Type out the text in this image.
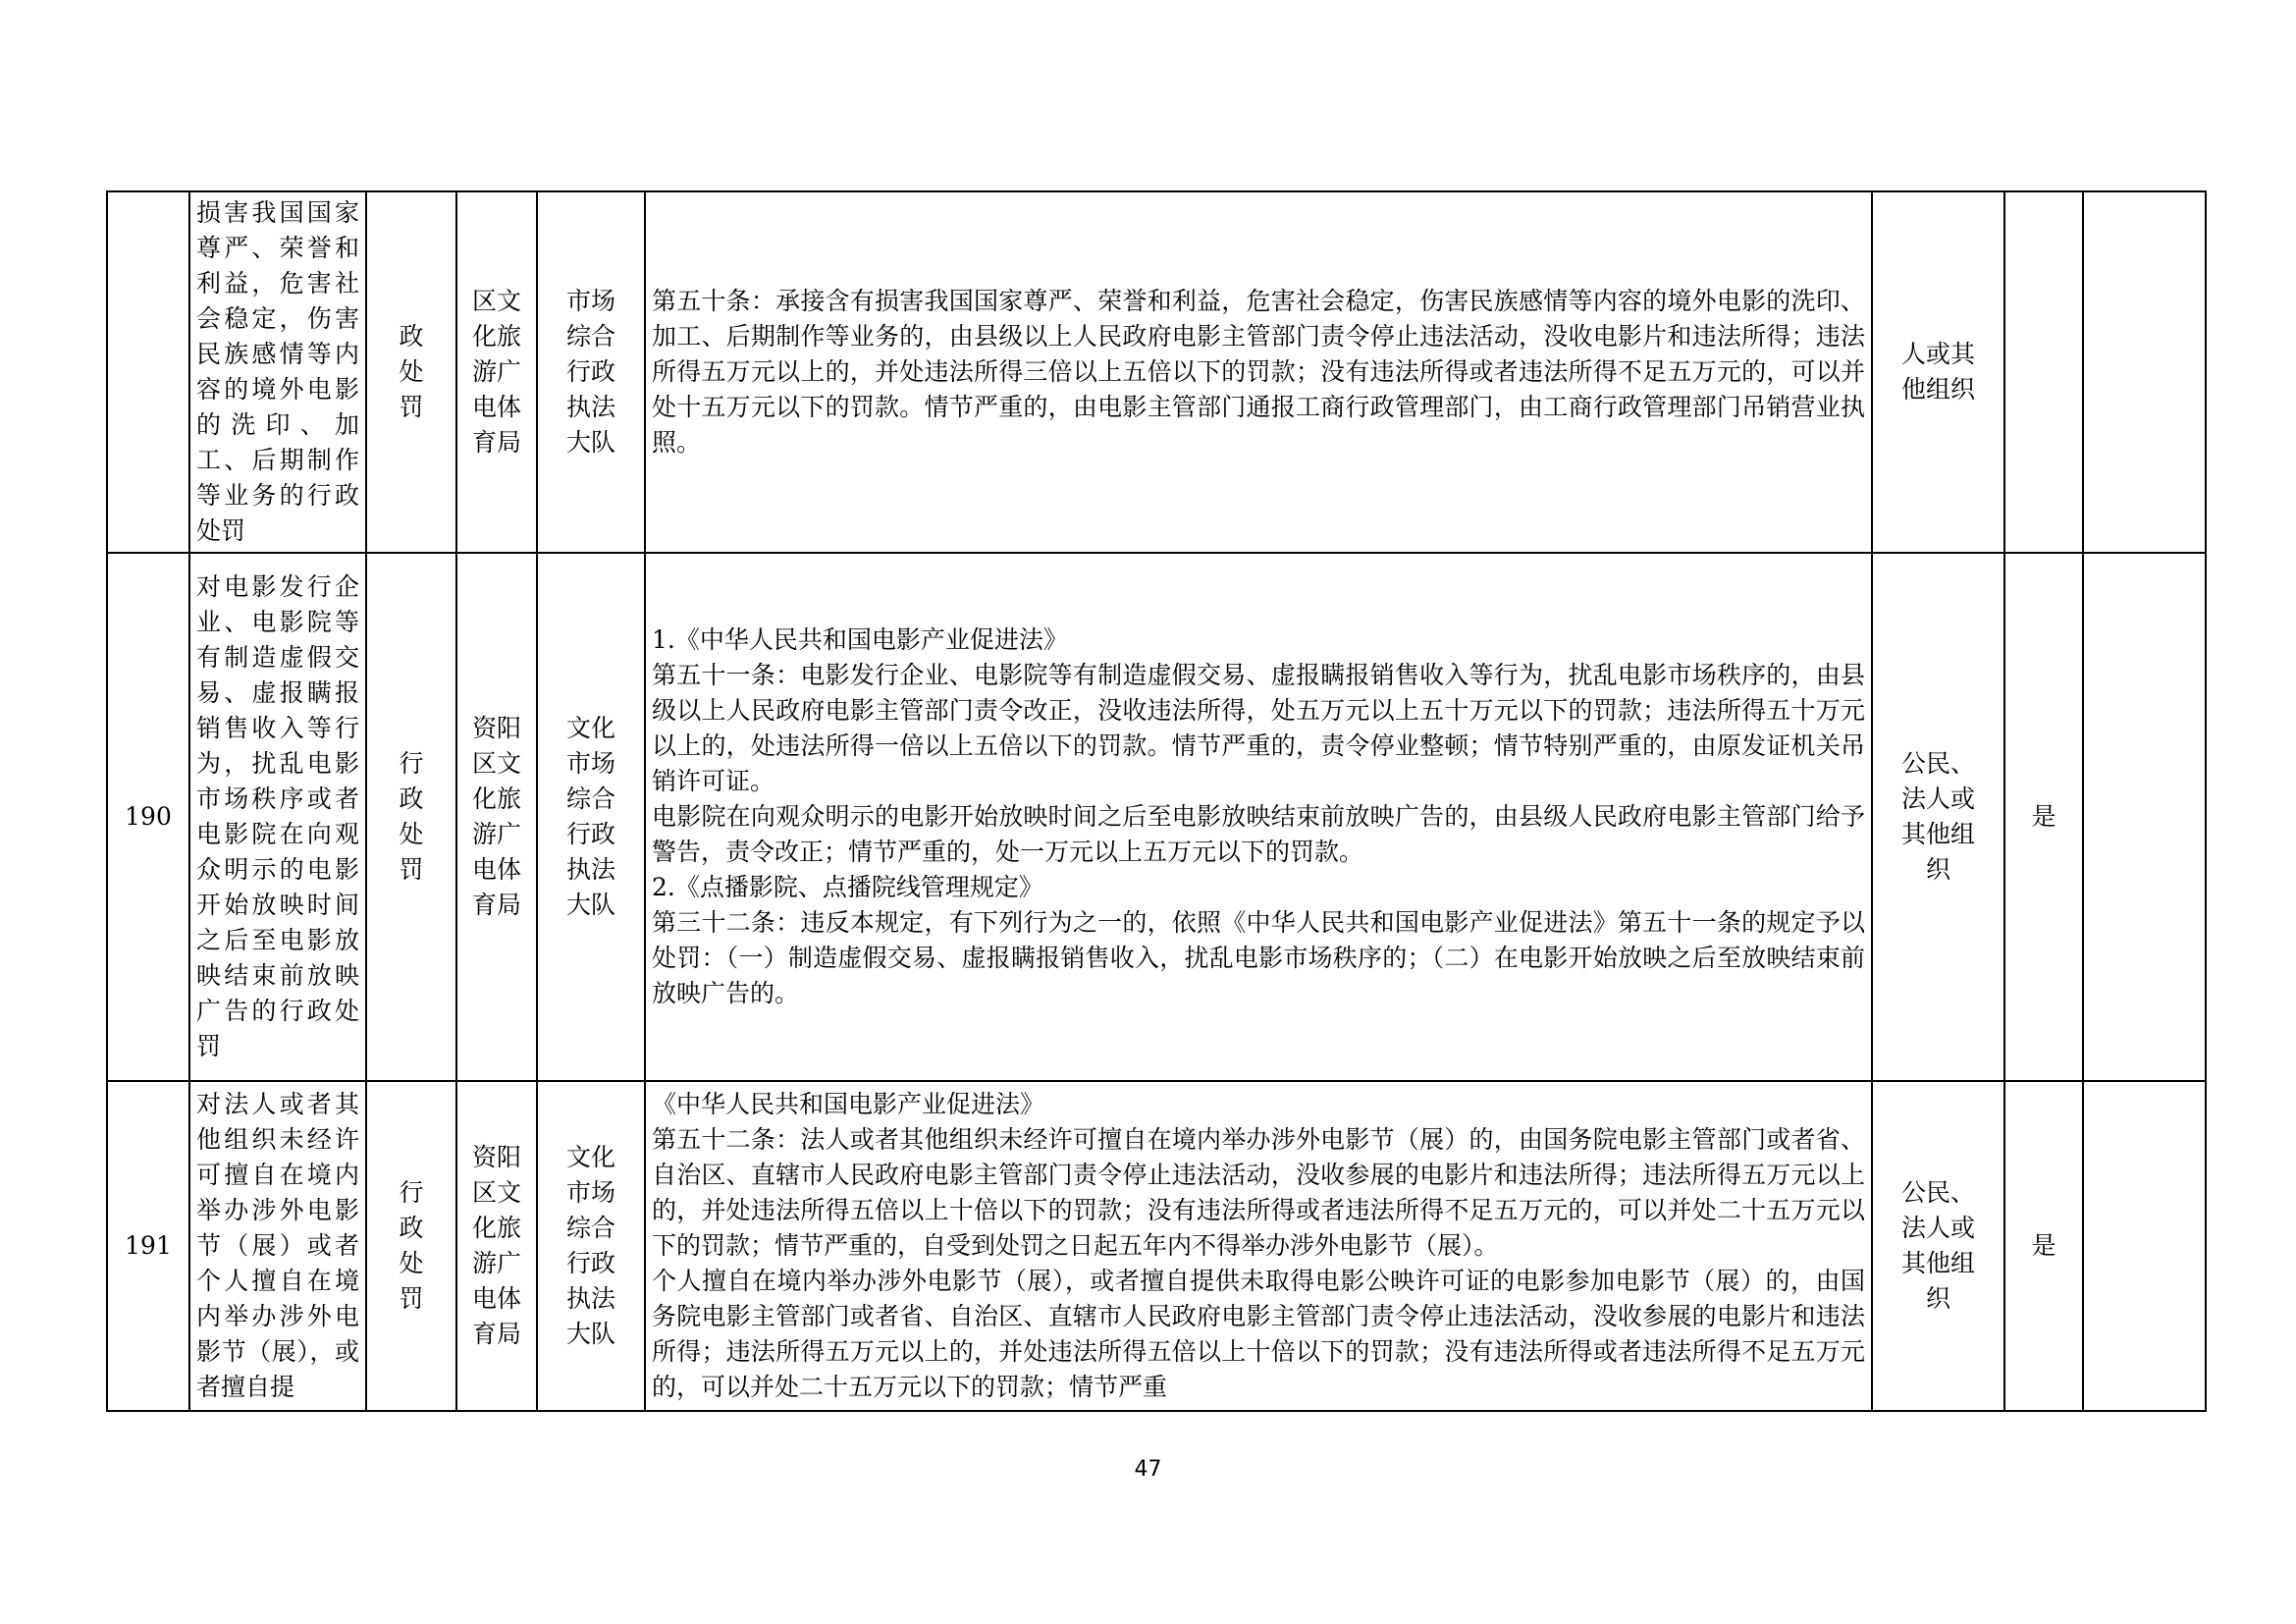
	损害我国国家尊严、荣誉和利益，危害社会稳定，伤害民族感情等内容的境外电影的洗印、加工、后期制作等业务的行政处罚	政处罚	区文化旅游广电体育局	市场综合行政执法大队	第五十条：承接含有损害我国国家尊严、荣誉和利益，危害社会稳定，伤害民族感情等内容的境外电影的洗印、加工、后期制作等业务的，由县级以上人民政府电影主管部门责令停止违法活动，没收电影片和违法所得；违法所得五万元以上的，并处违法所得三倍以上五倍以下的罚款；没有违法所得或者违法所得不足五万元的，可以并处十五万元以下的罚款。情节严重的，由电影主管部门通报工商行政管理部门，由工商行政管理部门吊销营业执照。	人或其他组织		
190	对电影发行企业、电影院等有制造虚假交易、虚报瞒报销售收入等行为，扰乱电影市场秩序或者电影院在向观众明示的电影开始放映时间之后至电影放映结束前放映广告的行政处罚	行政处罚	资阳区文化旅游广电体育局	文化市场综合行政执法大队	1.《中华人民共和国电影产业促进法》
第五十一条：电影发行企业、电影院等有制造虚假交易、虚报瞒报销售收入等行为，扰乱电影市场秩序的，由县级以上人民政府电影主管部门责令改正，没收违法所得，处五万元以上五十万元以下的罚款；违法所得五十万元以上的，处违法所得一倍以上五倍以下的罚款。情节严重的，责令停业整顿；情节特别严重的，由原发证机关吊销许可证。
电影院在向观众明示的电影开始放映时间之后至电影放映结束前放映广告的，由县级人民政府电影主管部门给予警告，责令改正；情节严重的，处一万元以上五万元以下的罚款。
2.《点播影院、点播院线管理规定》
第三十二条：违反本规定，有下列行为之一的，依照《中华人民共和国电影产业促进法》第五十一条的规定予以处罚：（一）制造虚假交易、虚报瞒报销售收入，扰乱电影市场秩序的；（二）在电影开始放映之后至放映结束前放映广告的。	公民、法人或其他组织	是	
191	对法人或者其他组织未经许可擅自在境内举办涉外电影节（展）或者个人擅自在境内举办涉外电影节（展），或者擅自提	行政处罚	资阳区文化旅游广电体育局	文化市场综合行政执法大队	《中华人民共和国电影产业促进法》
第五十二条：法人或者其他组织未经许可擅自在境内举办涉外电影节（展）的，由国务院电影主管部门或者省、自治区、直辖市人民政府电影主管部门责令停止违法活动，没收参展的电影片和违法所得；违法所得五万元以上的，并处违法所得五倍以上十倍以下的罚款；没有违法所得或者违法所得不足五万元的，可以并处二十五万元以下的罚款；情节严重的，自受到处罚之日起五年内不得举办涉外电影节（展）。
个人擅自在境内举办涉外电影节（展），或者擅自提供未取得电影公映许可证的电影参加电影节（展）的，由国务院电影主管部门或者省、自治区、直辖市人民政府电影主管部门责令停止违法活动，没收参展的电影片和违法所得；违法所得五万元以上的，并处违法所得五倍以上十倍以下的罚款；没有违法所得或者违法所得不足五万元的，可以并处二十五万元以下的罚款；情节严重	公民、法人或其他组织	是	
47
